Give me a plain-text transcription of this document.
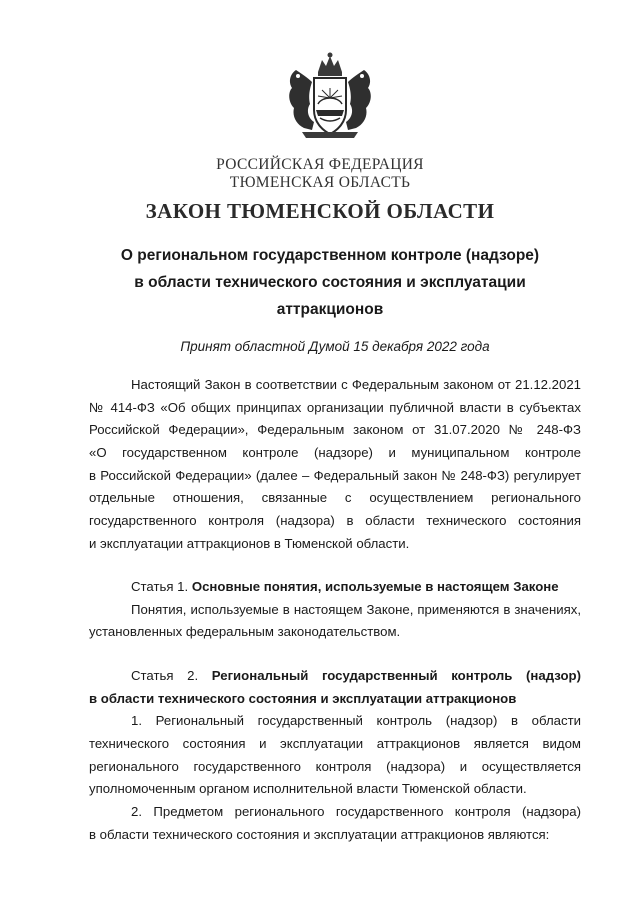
РОССИЙСКАЯ ФЕДЕРАЦИЯ
ТЮМЕНСКАЯ ОБЛАСТЬ
ЗАКОН ТЮМЕНСКОЙ ОБЛАСТИ
О региональном государственном контроле (надзоре)
в области технического состояния и эксплуатации
аттракционов
Принят областной Думой 15 декабря 2022 года
Настоящий Закон в соответствии с Федеральным законом от 21.12.2021
№ 414-ФЗ «Об общих принципах организации публичной власти в субъектах
Российской Федерации», Федеральным законом от 31.07.2020 № 248-ФЗ
«О государственном контроле (надзоре) и муниципальном контроле
в Российской Федерации» (далее – Федеральный закон № 248-ФЗ) регулирует
отдельные отношения, связанные с осуществлением регионального
государственного контроля (надзора) в области технического состояния
и эксплуатации аттракционов в Тюменской области.
Статья 1. Основные понятия, используемые в настоящем Законе
Понятия, используемые в настоящем Законе, применяются в значениях,
установленных федеральным законодательством.
Статья 2. Региональный государственный контроль (надзор)
в области технического состояния и эксплуатации аттракционов
1. Региональный государственный контроль (надзор) в области
технического состояния и эксплуатации аттракционов является видом
регионального государственного контроля (надзора) и осуществляется
уполномоченным органом исполнительной власти Тюменской области.
2. Предметом регионального государственного контроля (надзора)
в области технического состояния и эксплуатации аттракционов являются:
